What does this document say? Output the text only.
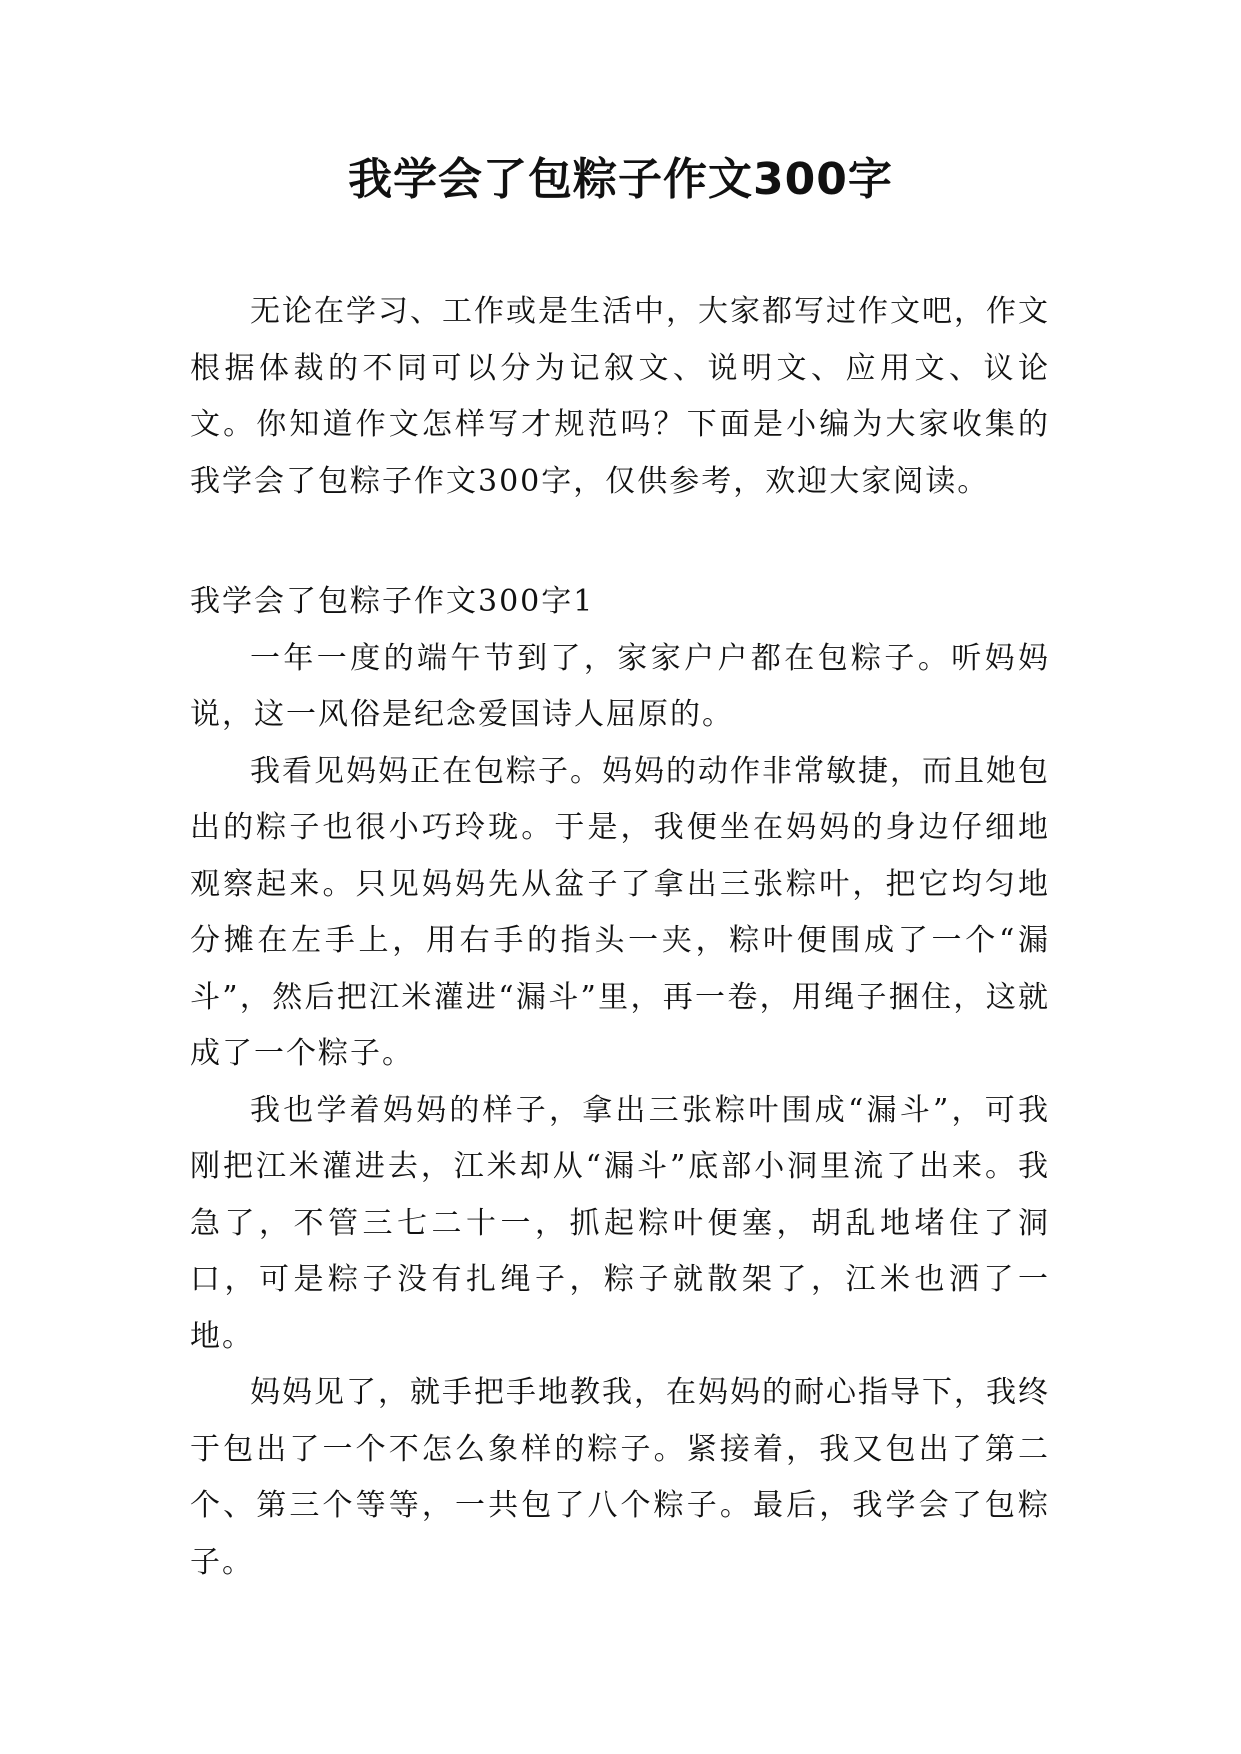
我学会了包粽子作文300字

无论在学习、工作或是生活中，大家都写过作文吧，作文根据体裁的不同可以分为记叙文、说明文、应用文、议论文。你知道作文怎样写才规范吗？下面是小编为大家收集的我学会了包粽子作文300字，仅供参考，欢迎大家阅读。

我学会了包粽子作文300字1

一年一度的端午节到了，家家户户都在包粽子。听妈妈说，这一风俗是纪念爱国诗人屈原的。

我看见妈妈正在包粽子。妈妈的动作非常敏捷，而且她包出的粽子也很小巧玲珑。于是，我便坐在妈妈的身边仔细地观察起来。只见妈妈先从盆子了拿出三张粽叶，把它均匀地分摊在左手上，用右手的指头一夹，粽叶便围成了一个“漏斗”，然后把江米灌进“漏斗”里，再一卷，用绳子捆住，这就成了一个粽子。

我也学着妈妈的样子，拿出三张粽叶围成“漏斗”，可我刚把江米灌进去，江米却从“漏斗”底部小洞里流了出来。我急了，不管三七二十一，抓起粽叶便塞，胡乱地堵住了洞口，可是粽子没有扎绳子，粽子就散架了，江米也洒了一地。

妈妈见了，就手把手地教我，在妈妈的耐心指导下，我终于包出了一个不怎么象样的粽子。紧接着，我又包出了第二个、第三个等等，一共包了八个粽子。最后，我学会了包粽子。
